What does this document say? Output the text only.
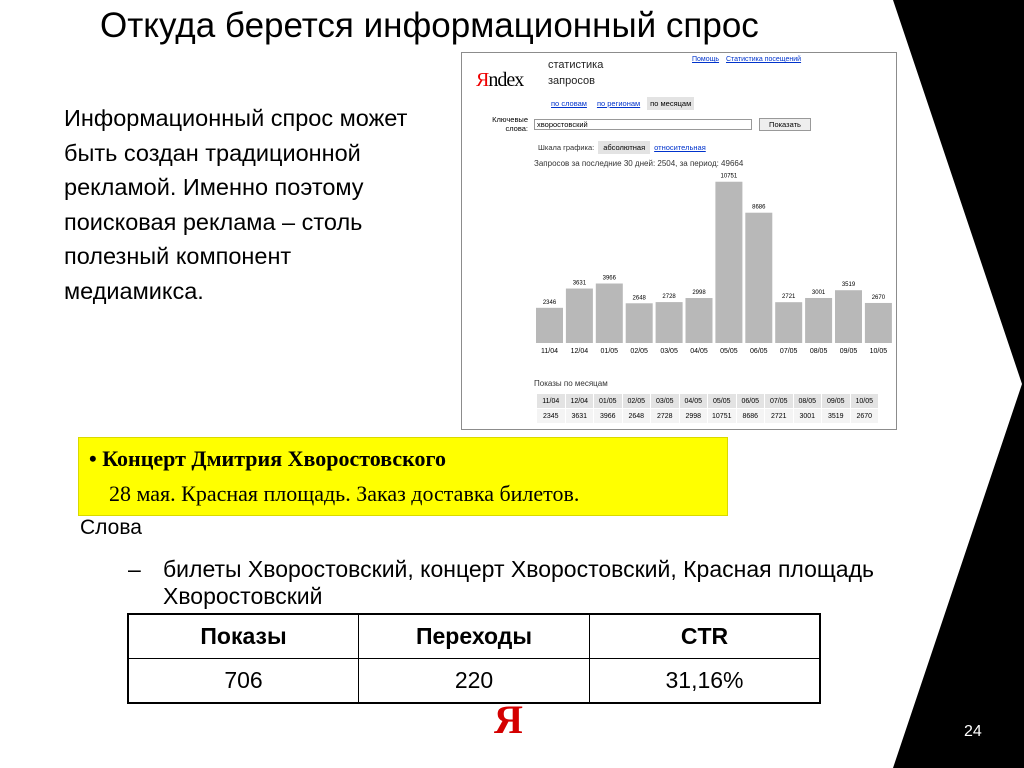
Откуда берется информационный спрос
Информационный спрос может быть создан традиционной рекламой. Именно поэтому поисковая реклама – столь полезный компонент медиамикса.
Яndex
статистика
запросов
Помощь Статистика посещений
по словам	по регионам	по месяцам
Ключевые
слова:	хворостовский	Показать
Шкала графика:	абсолютная	относительная
Запросов за последние 30 дней: 2504, за период: 49664
2346
11/04
3631
12/04
3966
01/05
2648
02/05
2728
03/05
2998
04/05
10751
05/05
8686
06/05
2721
07/05
3001
08/05
3519
09/05
2670
10/05
Показы по месяцам
11/04	12/04	01/05	02/05	03/05	04/05	05/05	06/05	07/05	08/05	09/05	10/05
2345	3631	3966	2648	2728	2998	10751	8686	2721	3001	3519	2670
• Концерт Дмитрия Хворостовского
28 мая. Красная площадь. Заказ доставка билетов.
Слова
– билеты Хворостовский, концерт Хворостовский, Красная площадь Хворостовский
Показы	Переходы	CTR
706	220	31,16%
Я	24
